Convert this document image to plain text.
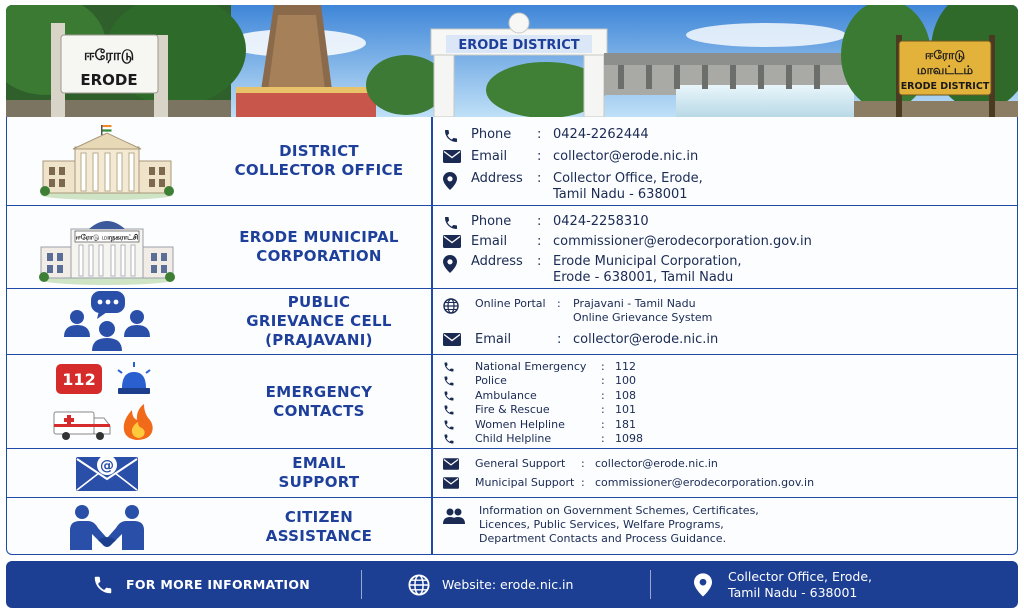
ஈரோடு
ERODE
ERODE DISTRICT
ஈரோடு
மாவட்டம்
ERODE DISTRICT
DISTRICT
COLLECTOR OFFICE
Phone	: 0424-2262444
Email	: collector@erode.nic.in
Address	: Collector Office, Erode,
Tamil Nadu - 638001
ஈரோடு மாநகராட்சி	ERODE MUNICIPAL
CORPORATION
Phone	: 0424-2258310
Email	: commissioner@erodecorporation.gov.in
Address	: Erode Municipal Corporation,
Erode - 638001, Tamil Nadu
PUBLIC
GRIEVANCE CELL
(PRAJAVANI)
Online Portal	:	Prajavani - Tamil Nadu
Online Grievance System
Email	: collector@erode.nic.in
112
EMERGENCY
CONTACTS
National Emergency	: 112
Police	: 100
Ambulance	: 108
Fire & Rescue	: 101
Women Helpline	: 181
Child Helpline	: 1098
@	EMAIL
SUPPORT
General Support	: collector@erode.nic.in
Municipal Support : commissioner@erodecorporation.gov.in
CITIZEN
ASSISTANCE
Information on Government Schemes, Certificates,
Licences, Public Services, Welfare Programs,
Department Contacts and Process Guidance.
FOR MORE INFORMATION	Website: erode.nic.in
Collector Office, Erode,
Tamil Nadu - 638001
